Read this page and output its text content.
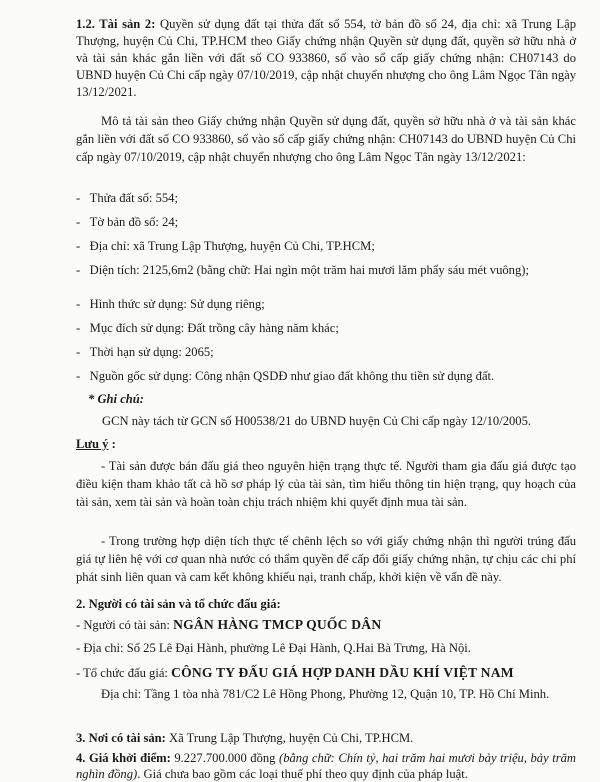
1.2. Tài sản 2: Quyền sử dụng đất tại thửa đất số 554, tờ bản đồ số 24, địa chỉ: xã Trung Lập Thượng, huyện Củ Chi, TP.HCM theo Giấy chứng nhận Quyền sử dụng đất, quyền sở hữu nhà ở và tài sản khác gắn liền với đất số CO 933860, số vào sổ cấp giấy chứng nhận: CH07143 do UBND huyện Củ Chi cấp ngày 07/10/2019, cập nhật chuyển nhượng cho ông Lâm Ngọc Tân ngày 13/12/2021.

Mô tả tài sản theo Giấy chứng nhận Quyền sử dụng đất, quyền sở hữu nhà ở và tài sản khác gắn liền với đất số CO 933860, số vào sổ cấp giấy chứng nhận: CH07143 do UBND huyện Củ Chi cấp ngày 07/10/2019, cập nhật chuyển nhượng cho ông Lâm Ngọc Tân ngày 13/12/2021:

-   Thửa đất số: 554;

-   Tờ bản đồ số: 24;

-   Địa chỉ: xã Trung Lập Thượng, huyện Củ Chi, TP.HCM;

-   Diện tích: 2125,6m2 (bằng chữ: Hai ngìn một trăm hai mươi lăm phẩy sáu mét vuông);

-   Hình thức sử dụng: Sử dụng riêng;

-   Mục đích sử dụng: Đất trồng cây hàng năm khác;

-   Thời hạn sử dụng: 2065;

-   Nguồn gốc sử dụng: Công nhận QSDĐ như giao đất không thu tiền sử dụng đất.

* Ghi chú:

GCN này tách từ GCN số H00538/21 do UBND huyện Củ Chi cấp ngày 12/10/2005.

Lưu ý :

- Tài sản được bán đấu giá theo nguyên hiện trạng thực tế. Người tham gia đấu giá được tạo điều kiện tham khảo tất cả hồ sơ pháp lý của tài sản, tìm hiểu thông tin hiện trạng, quy hoạch của tài sản, xem tài sản và hoàn toàn chịu trách nhiệm khi quyết định mua tài sản.

- Trong trường hợp diện tích thực tế chênh lệch so với giấy chứng nhận thì người trúng đấu giá tự liên hệ với cơ quan nhà nước có thẩm quyền để cấp đổi giấy chứng nhận, tự chịu các chi phí phát sinh liên quan và cam kết không khiếu nại, tranh chấp, khởi kiện về vấn đề này.

2. Người có tài sản và tổ chức đấu giá:

- Người có tài sản: NGÂN HÀNG TMCP QUỐC DÂN

- Địa chỉ: Số 25 Lê Đại Hành, phường Lê Đại Hành, Q.Hai Bà Trưng, Hà Nội.

- Tổ chức đấu giá: CÔNG TY ĐẤU GIÁ HỢP DANH DẦU KHÍ VIỆT NAM

Địa chỉ: Tầng 1 tòa nhà 781/C2 Lê Hồng Phong, Phường 12, Quận 10, TP. Hồ Chí Minh.

3. Nơi có tài sản: Xã Trung Lập Thượng, huyện Củ Chi, TP.HCM.

4. Giá khởi điểm: 9.227.700.000 đồng (bằng chữ: Chín tỷ, hai trăm hai mươi bảy triệu, bảy trăm nghìn đồng). Giá chưa bao gồm các loại thuế phí theo quy định của pháp luật.
